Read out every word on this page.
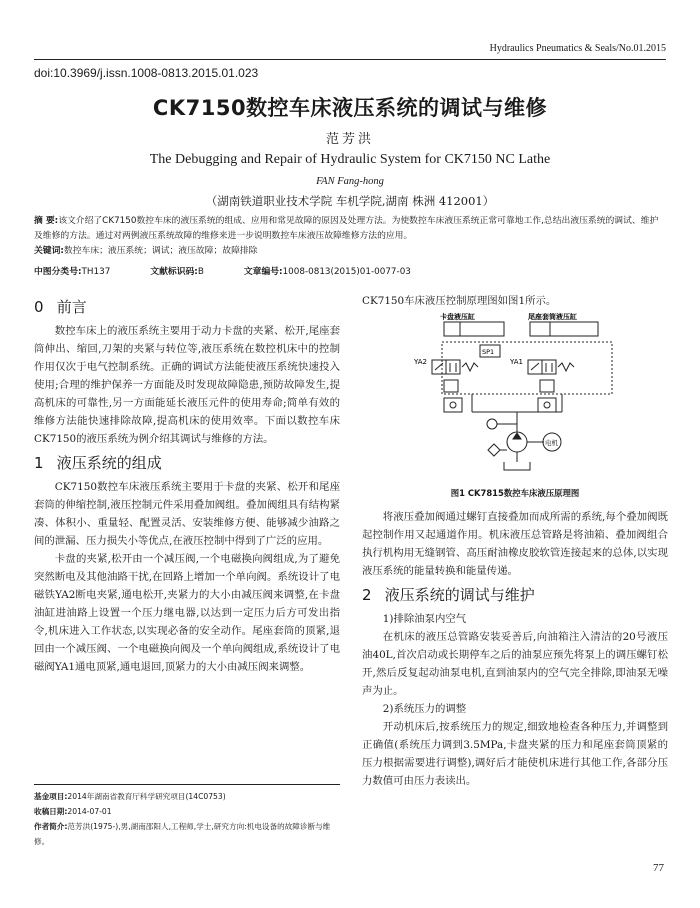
Hydraulics Pneumatics & Seals/No.01.2015
doi:10.3969/j.issn.1008-0813.2015.01.023
CK7150数控车床液压系统的调试与维修
范芳洪
The Debugging and Repair of Hydraulic System for CK7150 NC Lathe
FAN Fang-hong
（湖南铁道职业技术学院 车机学院,湖南 株洲 412001）
摘 要:该文介绍了CK7150数控车床的液压系统的组成、应用和常见故障的原因及处理方法。为使数控车床液压系统正常可靠地工作,总结出液压系统的调试、维护及维修的方法。通过对两例液压系统故障的维修来进一步说明数控车床液压故障维修方法的应用。
关键词:数控车床；液压系统；调试；液压故障；故障排除
中图分类号:TH137	文献标识码:B	文章编号:1008-0813(2015)01-0077-03
0 前言

数控车床上的液压系统主要用于动力卡盘的夹紧、松开,尾座套筒伸出、缩回,刀架的夹紧与转位等,液压系统在数控机床中的控制作用仅次于电气控制系统。正确的调试方法能使液压系统快速投入使用;合理的维护保养一方面能及时发现故障隐患,预防故障发生,提高机床的可靠性,另一方面能延长液压元件的使用寿命;简单有效的维修方法能快速排除故障,提高机床的使用效率。下面以数控车床CK7150的液压系统为例介绍其调试与维修的方法。

1 液压系统的组成

CK7150数控车床液压系统主要用于卡盘的夹紧、松开和尾座套筒的伸缩控制,液压控制元件采用叠加阀组。叠加阀组具有结构紧凑、体积小、重量轻、配置灵活、安装维修方便、能够减少油路之间的泄漏、压力损失小等优点,在液压控制中得到了广泛的应用。

卡盘的夹紧,松开由一个减压阀,一个电磁换向阀组成,为了避免突然断电及其他油路干扰,在回路上增加一个单向阀。系统设计了电磁铁YA2断电夹紧,通电松开,夹紧力的大小由减压阀来调整,在卡盘油缸进油路上设置一个压力继电器,以达到一定压力后方可发出指令,机床进入工作状态,以实现必备的安全动作。尾座套筒的顶紧,退回由一个减压阀、一个电磁换向阀及一个单向阀组成,系统设计了电磁阀YA1通电顶紧,通电退回,顶紧力的大小由减压阀来调整。

CK7150车床液压控制原理图如图1所示。

卡盘液压缸	尾座套筒液压缸
SP1
YA2	YA1
电机
图1 CK7815数控车床液压原理图

将液压叠加阀通过螺钉直接叠加而成所需的系统,每个叠加阀既起控制作用又起通道作用。机床液压总管路是将油箱、叠加阀组合执行机构用无缝钢管、高压耐油橡皮胶软管连接起来的总体,以实现液压系统的能量转换和能量传递。

2 液压系统的调试与维护

1)排除油泵内空气

在机床的液压总管路安装妥善后,向油箱注入清洁的20号液压油40L,首次启动或长期停车之后的油泵应预先将泵上的调压螺钉松开,然后反复起动油泵电机,直到油泵内的空气完全排除,即油泵无噪声为止。

2)系统压力的调整

开动机床后,按系统压力的规定,细致地检查各种压力,并调整到正确值(系统压力调到3.5MPa,卡盘夹紧的压力和尾座套筒顶紧的压力根据需要进行调整),调好后才能使机床进行其他工作,各部分压力数值可由压力表读出。

基金项目:2014年湖南省教育厅科学研究项目(14C0753)
收稿日期:2014-07-01
作者简介:范芳洪(1975-),男,湖南邵阳人,工程师,学士,研究方向:机电设备的故障诊断与维修。
77
